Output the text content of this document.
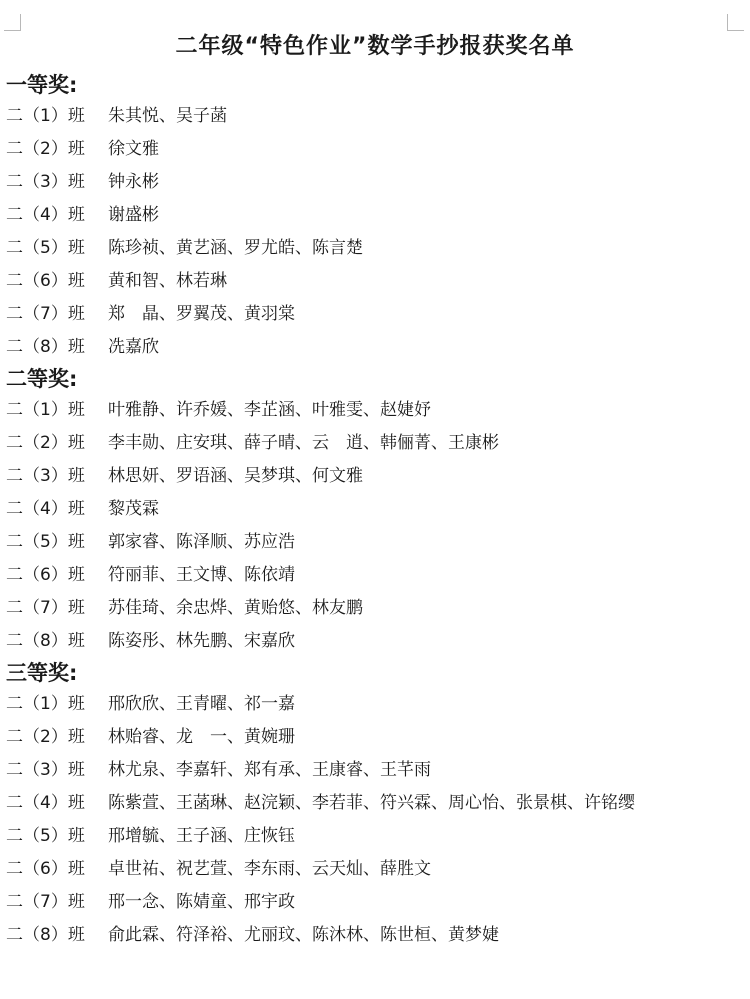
二年级“特色作业”数学手抄报获奖名单
一等奖:
二（1）班	朱其悦、吴子菡
二（2）班	徐文雅
二（3）班	钟永彬
二（4）班	谢盛彬
二（5）班	陈珍祯、黄艺涵、罗尤皓、陈言楚
二（6）班	黄和智、林若琳
二（7）班	郑　晶、罗翼茂、黄羽棠
二（8）班	冼嘉欣
二等奖:
二（1）班	叶雅静、许乔媛、李芷涵、叶雅雯、赵婕妤
二（2）班	李丰勋、庄安琪、薛子晴、云　逍、韩俪菁、王康彬
二（3）班	林思妍、罗语涵、吴梦琪、何文雅
二（4）班	黎茂霖
二（5）班	郭家睿、陈泽顺、苏应浩
二（6）班	符丽菲、王文博、陈依靖
二（7）班	苏佳琦、余忠烨、黄贻悠、林友鹏
二（8）班	陈姿彤、林先鹏、宋嘉欣
三等奖:
二（1）班	邢欣欣、王青曜、祁一嘉
二（2）班	林贻睿、龙　一、黄婉珊
二（3）班	林尤泉、李嘉轩、郑有承、王康睿、王芊雨
二（4）班	陈紫萱、王菡琳、赵浣颖、李若菲、符兴霖、周心怡、张景棋、许铭缨
二（5）班	邢增毓、王子涵、庄恢钰
二（6）班	卓世祐、祝艺萱、李东雨、云天灿、薛胜文
二（7）班	邢一念、陈婧童、邢宇政
二（8）班	俞此霖、符泽裕、尤丽玟、陈沐林、陈世桓、黄梦婕
